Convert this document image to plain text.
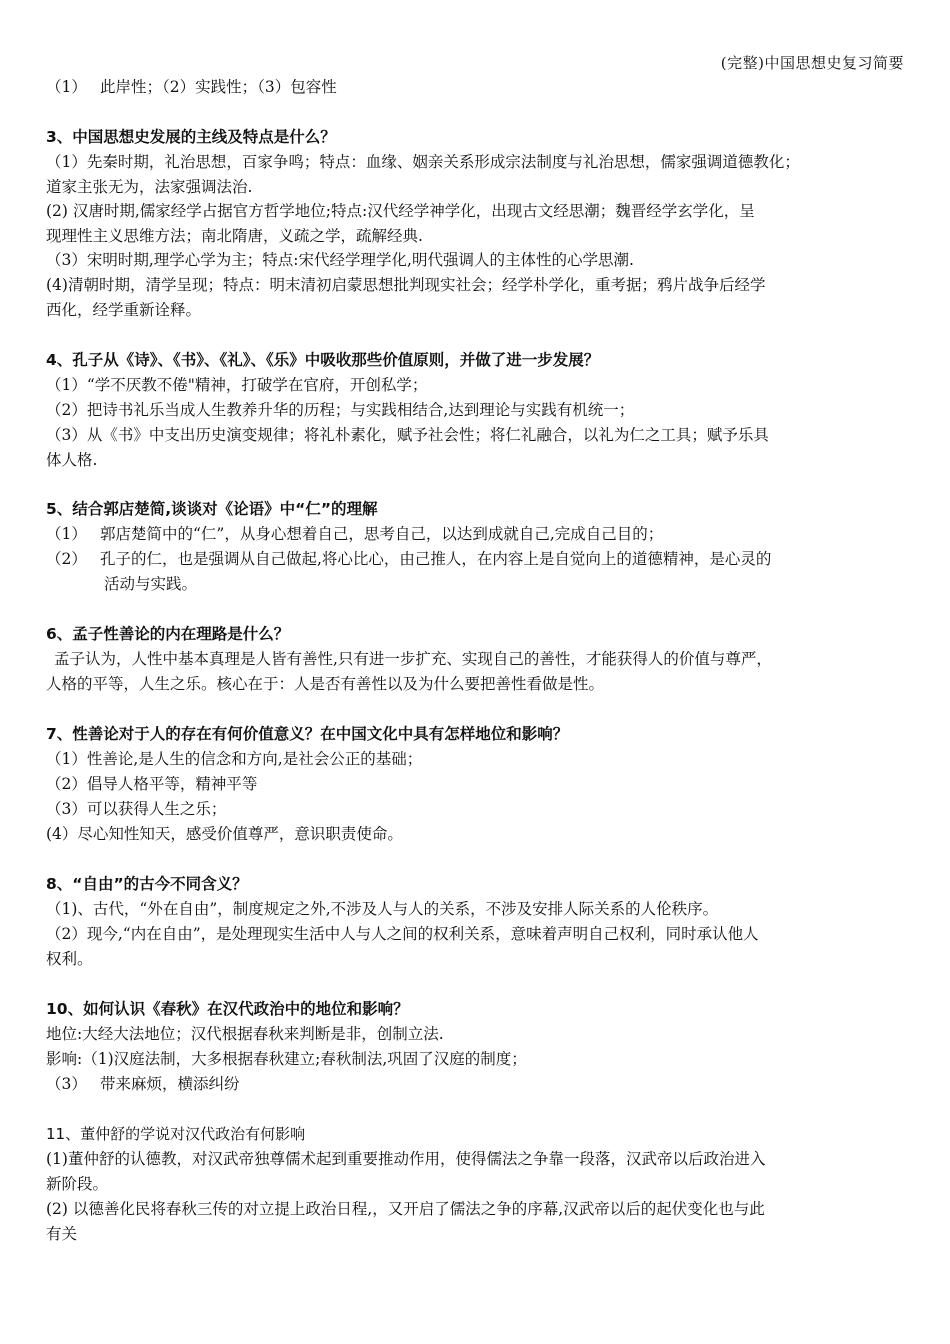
(完整)中国思想史复习简要
（1） 此岸性；（2）实践性；（3）包容性
3、中国思想史发展的主线及特点是什么？
（1）先秦时期，礼治思想，百家争鸣；特点：血缘、姻亲关系形成宗法制度与礼治思想，儒家强调道德教化；
道家主张无为，法家强调法治.
(2) 汉唐时期,儒家经学占据官方哲学地位;特点:汉代经学神学化，出现古文经思潮；魏晋经学玄学化，呈
现理性主义思维方法；南北隋唐，义疏之学，疏解经典.
（3）宋明时期,理学心学为主；特点:宋代经学理学化,明代强调人的主体性的心学思潮.
(4)清朝时期，清学呈现；特点：明末清初启蒙思想批判现实社会；经学朴学化，重考据；鸦片战争后经学
西化，经学重新诠释。
4、孔子从《诗》、《书》、《礼》、《乐》中吸收那些价值原则，并做了进一步发展？
（1）“学不厌教不倦"精神，打破学在官府，开创私学；
（2）把诗书礼乐当成人生教养升华的历程；与实践相结合,达到理论与实践有机统一；
（3）从《书》中支出历史演变规律；将礼朴素化，赋予社会性；将仁礼融合，以礼为仁之工具；赋予乐具
体人格.
5、结合郭店楚简,谈谈对《论语》中“仁”的理解
（1） 郭店楚简中的“仁”，从身心想着自己，思考自己，以达到成就自己,完成自己目的；
（2） 孔子的仁，也是强调从自己做起,将心比心，由己推人，在内容上是自觉向上的道德精神，是心灵的
活动与实践。
6、孟子性善论的内在理路是什么？
孟子认为，人性中基本真理是人皆有善性,只有进一步扩充、实现自己的善性，才能获得人的价值与尊严，
人格的平等，人生之乐。核心在于：人是否有善性以及为什么要把善性看做是性。
7、性善论对于人的存在有何价值意义？在中国文化中具有怎样地位和影响？
（1）性善论,是人生的信念和方向,是社会公正的基础；
（2）倡导人格平等，精神平等
（3）可以获得人生之乐；
(4）尽心知性知天，感受价值尊严，意识职责使命。
8、“自由”的古今不同含义？
（1)、古代，“外在自由”，制度规定之外,不涉及人与人的关系，不涉及安排人际关系的人伦秩序。
（2）现今,“内在自由”，是处理现实生活中人与人之间的权利关系，意味着声明自己权利，同时承认他人
权利。
10、如何认识《春秋》在汉代政治中的地位和影响？
地位:大经大法地位；汉代根据春秋来判断是非，创制立法.
影响:（1)汉庭法制，大多根据春秋建立;春秋制法,巩固了汉庭的制度；
（3） 带来麻烦，横添纠纷
11、董仲舒的学说对汉代政治有何影响
(1)董仲舒的认德教，对汉武帝独尊儒术起到重要推动作用，使得儒法之争靠一段落，汉武帝以后政治进入
新阶段。
(2) 以德善化民将春秋三传的对立提上政治日程,，又开启了儒法之争的序幕,汉武帝以后的起伏变化也与此
有关
